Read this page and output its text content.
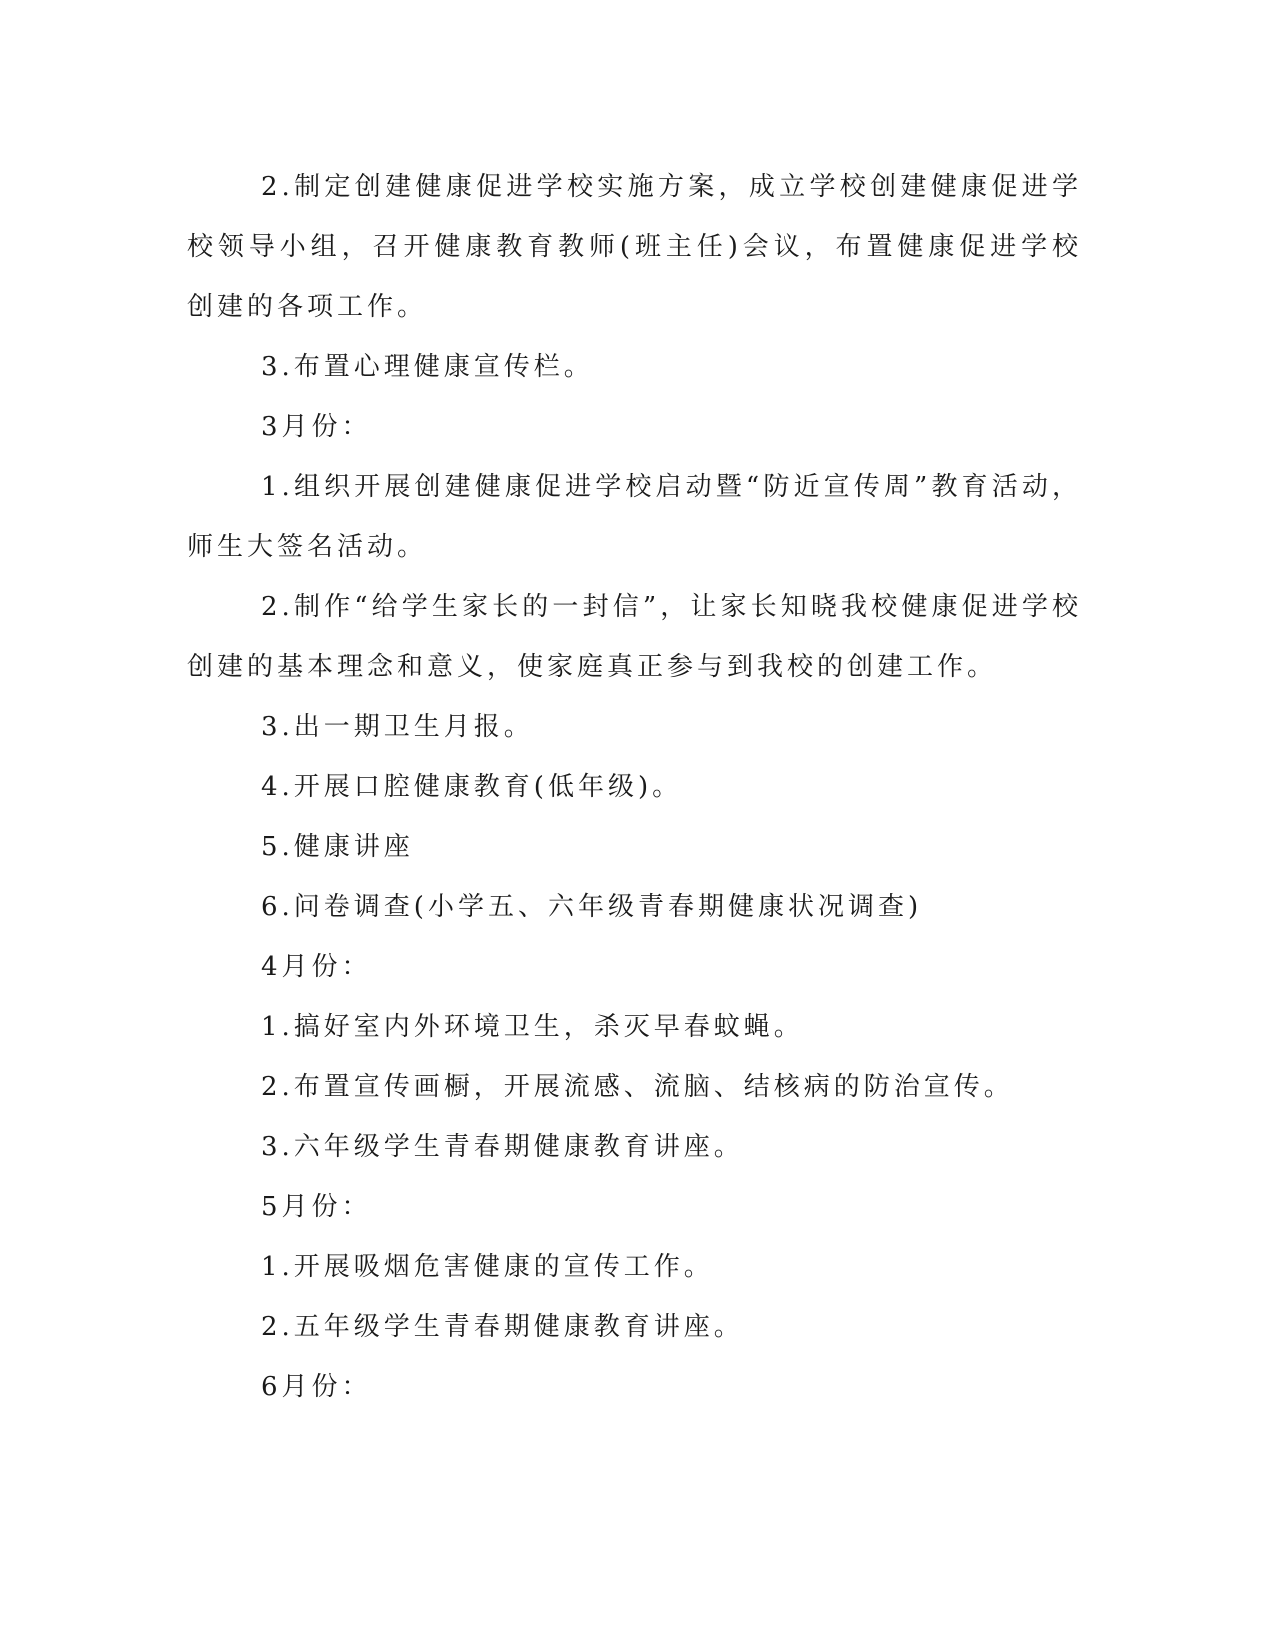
2.制定创建健康促进学校实施方案，成立学校创建健康促进学校领导小组，召开健康教育教师(班主任)会议，布置健康促进学校创建的各项工作。

3.布置心理健康宣传栏。

3月份：

1.组织开展创建健康促进学校启动暨“防近宣传周”教育活动，师生大签名活动。

2.制作“给学生家长的一封信”，让家长知晓我校健康促进学校创建的基本理念和意义，使家庭真正参与到我校的创建工作。

3.出一期卫生月报。

4.开展口腔健康教育(低年级)。

5.健康讲座

6.问卷调查(小学五、六年级青春期健康状况调查)

4月份：

1.搞好室内外环境卫生，杀灭早春蚊蝇。

2.布置宣传画橱，开展流感、流脑、结核病的防治宣传。

3.六年级学生青春期健康教育讲座。

5月份：

1.开展吸烟危害健康的宣传工作。

2.五年级学生青春期健康教育讲座。

6月份：
